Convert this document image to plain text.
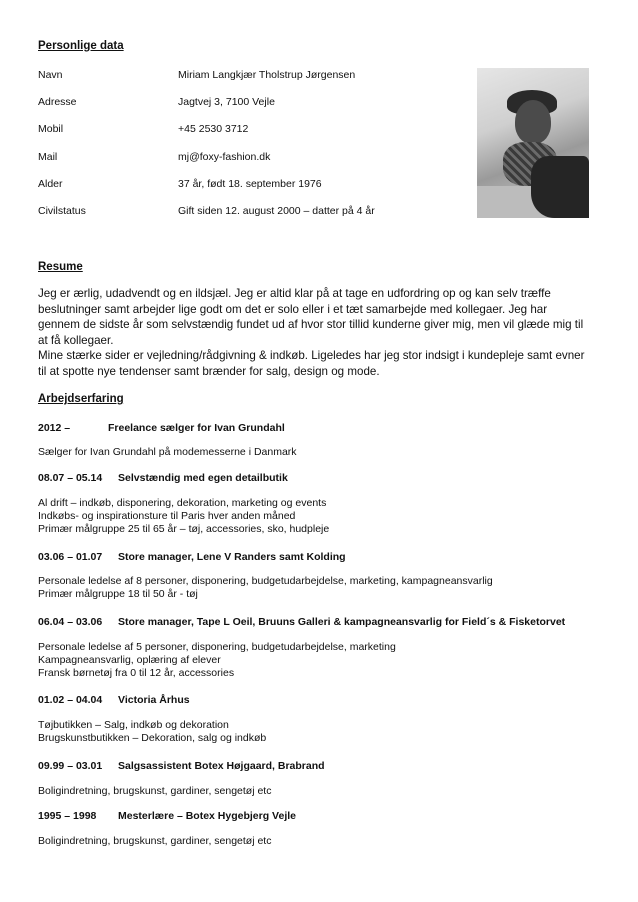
Personlige data
Navn	Miriam Langkjær Tholstrup Jørgensen
Adresse	Jagtvej 3, 7100 Vejle
Mobil	+45 2530 3712
Mail	mj@foxy-fashion.dk
Alder	37 år, født 18. september 1976
Civilstatus	Gift siden 12. august 2000 – datter på 4 år
Resume
Jeg er ærlig, udadvendt og en ildsjæl. Jeg er altid klar på at tage en udfordring op og kan selv træffe
beslutninger samt arbejder lige godt om det er solo eller i et tæt samarbejde med kollegaer. Jeg har
gennem de sidste år som selvstændig fundet ud af hvor stor tillid kunderne giver mig, men vil glæde mig til
at få kollegaer.
Mine stærke sider er vejledning/rådgivning & indkøb. Ligeledes har jeg stor indsigt i kundepleje samt evner
til at spotte nye tendenser samt brænder for salg, design og mode.
Arbejdserfaring
2012 –	Freelance sælger for Ivan Grundahl
Sælger for Ivan Grundahl på modemesserne i Danmark
08.07 – 05.14 Selvstændig med egen detailbutik
Al drift – indkøb, disponering, dekoration, marketing og events
Indkøbs- og inspirationsture til Paris hver anden måned
Primær målgruppe 25 til 65 år – tøj, accessories, sko, hudpleje
03.06 – 01.07 Store manager, Lene V Randers samt Kolding
Personale ledelse af 8 personer, disponering, budgetudarbejdelse, marketing, kampagneansvarlig
Primær målgruppe 18 til 50 år - tøj
06.04 – 03.06 Store manager, Tape L Oeil, Bruuns Galleri & kampagneansvarlig for Field´s & Fisketorvet
Personale ledelse af 5 personer, disponering, budgetudarbejdelse, marketing
Kampagneansvarlig, oplæring af elever
Fransk børnetøj fra 0 til 12 år, accessories
01.02 – 04.04 Victoria Århus
Tøjbutikken – Salg, indkøb og dekoration
Brugskunstbutikken – Dekoration, salg og indkøb
09.99 – 03.01 Salgsassistent Botex Højgaard, Brabrand
Boligindretning, brugskunst, gardiner, sengetøj etc
1995 – 1998 Mesterlære – Botex Hygebjerg Vejle
Boligindretning, brugskunst, gardiner, sengetøj etc
